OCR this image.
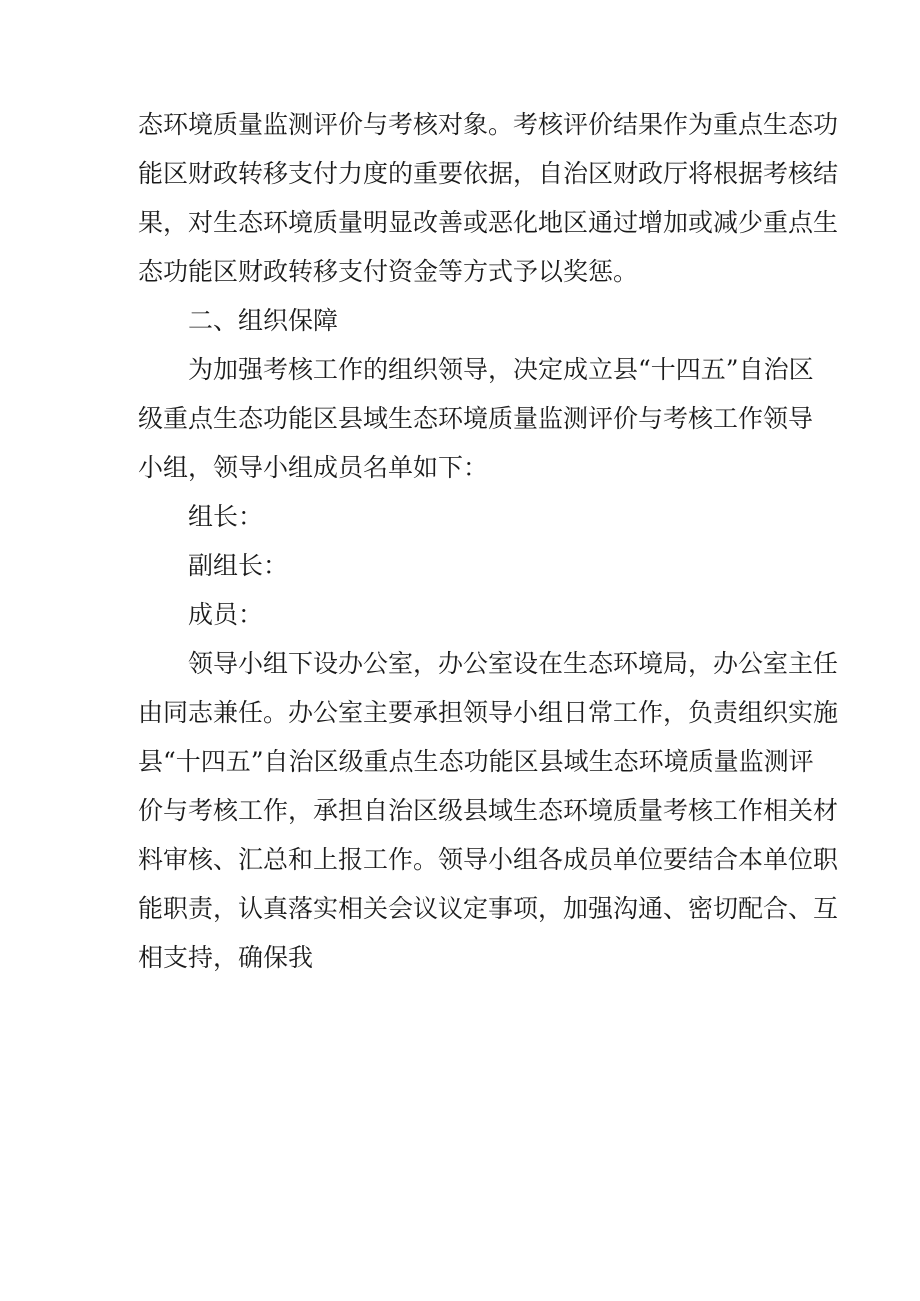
态环境质量监测评价与考核对象。考核评价结果作为重点生态功
能区财政转移支付力度的重要依据，自治区财政厅将根据考核结
果，对生态环境质量明显改善或恶化地区通过增加或减少重点生
态功能区财政转移支付资金等方式予以奖惩。
二、组织保障
为加强考核工作的组织领导，决定成立县“十四五”自治区
级重点生态功能区县域生态环境质量监测评价与考核工作领导
小组，领导小组成员名单如下：
组长：
副组长：
成员：
领导小组下设办公室，办公室设在生态环境局，办公室主任
由同志兼任。办公室主要承担领导小组日常工作，负责组织实施
县“十四五”自治区级重点生态功能区县域生态环境质量监测评
价与考核工作，承担自治区级县域生态环境质量考核工作相关材
料审核、汇总和上报工作。领导小组各成员单位要结合本单位职
能职责，认真落实相关会议议定事项，加强沟通、密切配合、互
相支持，确保我
